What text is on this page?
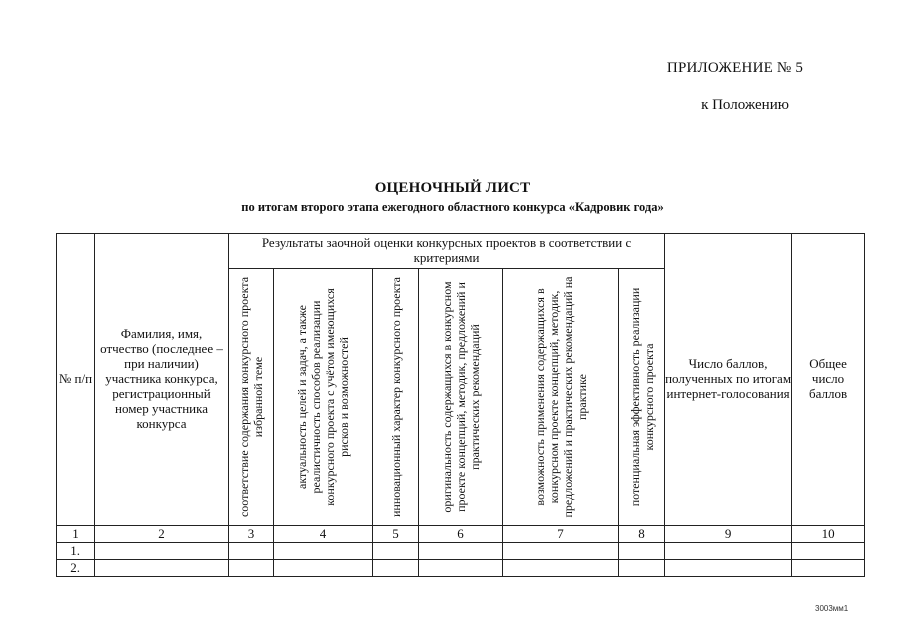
ПРИЛОЖЕНИЕ № 5
к Положению
ОЦЕНОЧНЫЙ ЛИСТ
по итогам второго этапа ежегодного областного конкурса «Кадровик года»
№ п/п	Фамилия, имя, отчество (последнее – при наличии) участника конкурса, регистрационный номер участника конкурса	Результаты заочной оценки конкурсных проектов в соответствии с критериями						Число баллов, полученных по итогам интернет-голосования	Общее число баллов

		соответствие содержания конкурсного проекта избранной теме	актуальность целей и задач, а также реалистичность способов реализации конкурсного проекта с учётом имеющихся рисков и возможностей	инновационный характер конкурсного проекта	оригинальность содержащихся в конкурсном проекте концепций, методик, предложений и практических рекомендаций	возможность применения содержащихся в конкурсном проекте концепций, методик, предложений и практических рекомендаций на практике	потенциальная эффективность реализации конкурсного проекта		

1	2	3	4	5	6	7	8	9	10
1.									
2.									
3003мм1
